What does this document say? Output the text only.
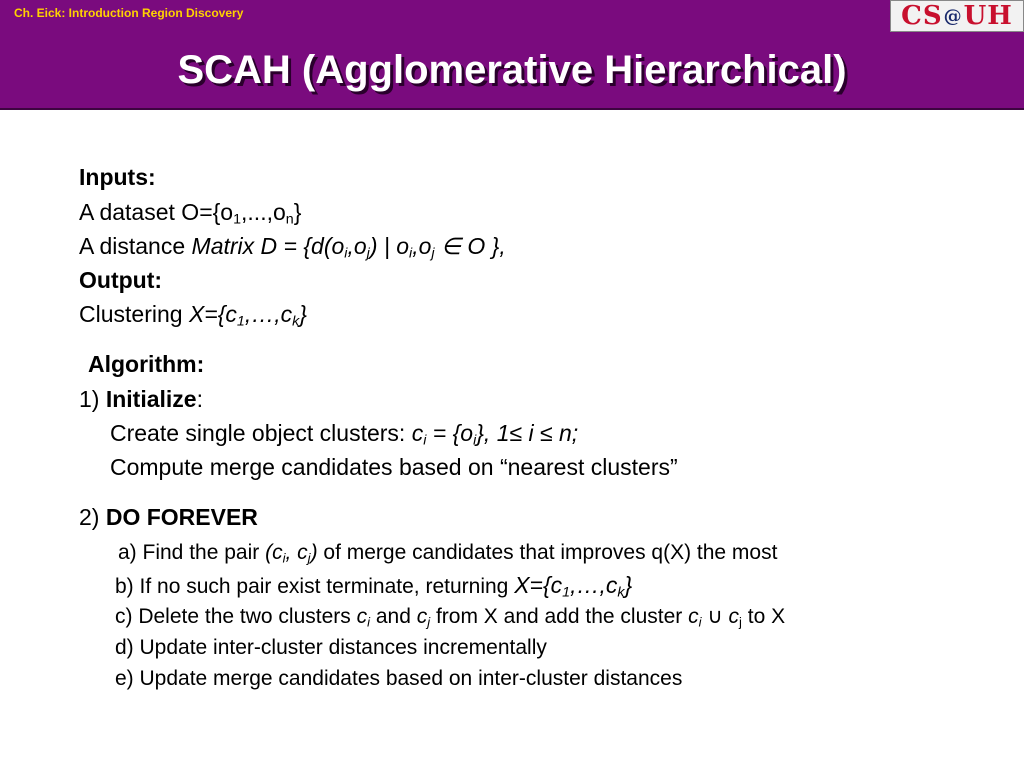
Ch. Eick: Introduction Region Discovery	CS @ UH
SCAH (Agglomerative Hierarchical)
Inputs:
A dataset $O=\{o_1,...,o_n\}$
A distance Matrix $D = \{d(o_i,o_j)$ | $o_i,o_j$ ∈ O },
Output:
Clustering $X=\{c_1,\dots,c_k\}$
Algorithm:
1) Initialize:
Create single object clusters: $c_i = \{o_i\}$, 1≤ i ≤ n;
Compute merge candidates based on “nearest clusters”
2) DO FOREVER
a) Find the pair ($c_i$, $c_j$) of merge candidates that improves q(X) the most
b) If no such pair exist terminate, returning $X=\{c_1,\dots,c_k\}$
c) Delete the two clusters $c_i$ and $c_j$ from X and add the cluster $c_i$ ∪ $c_j$ to X
d) Update inter-cluster distances incrementally
e) Update merge candidates based on inter-cluster distances
